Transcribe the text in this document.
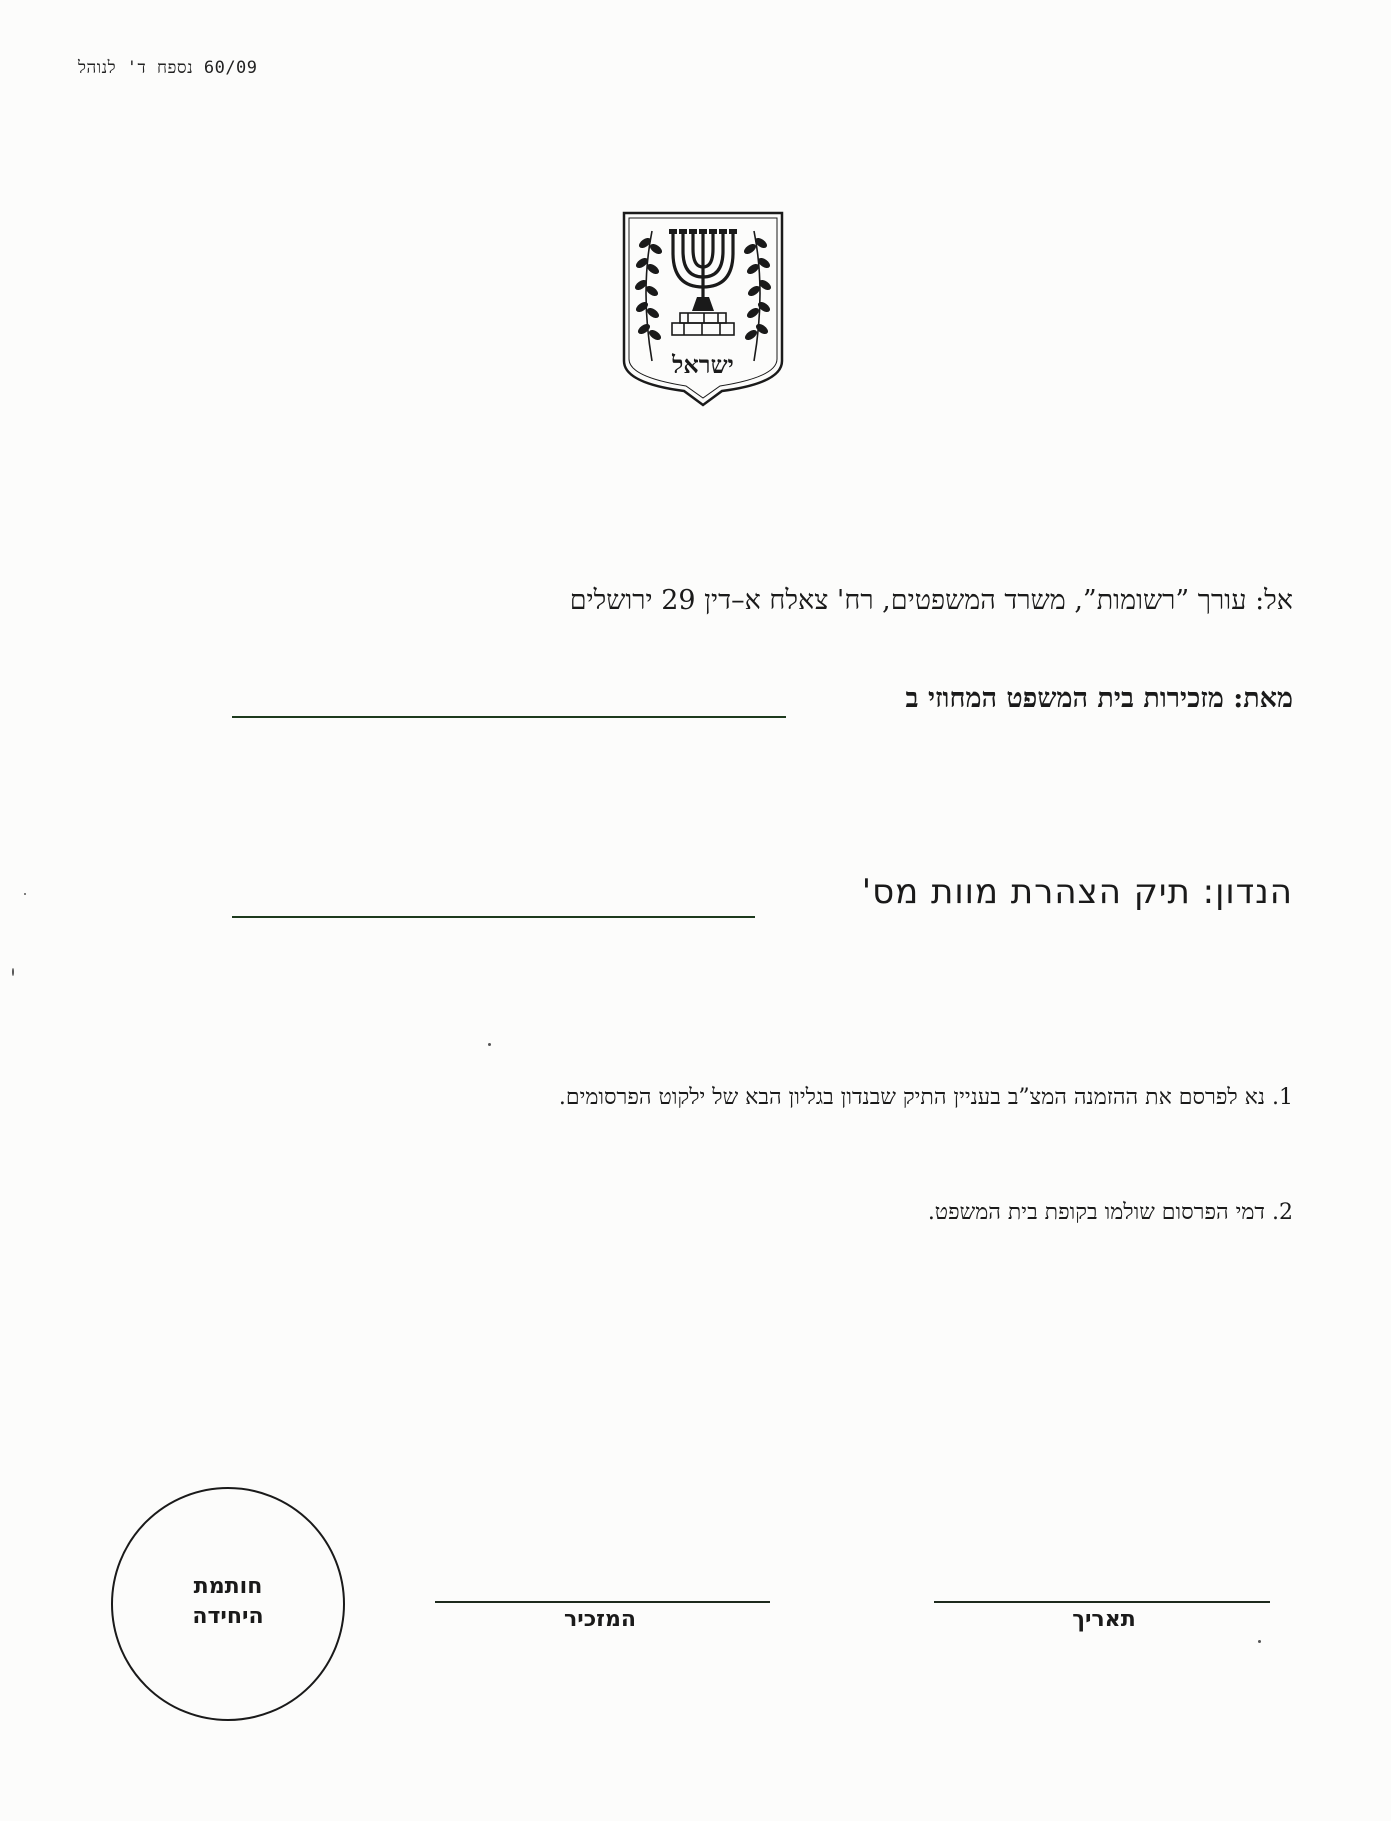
60/09 נספח ד' לנוהל
ישראל
אל: עורך ”רשומות”, משרד המשפטים, רח' צאלח א–דין 29 ירושלים
מאת: מזכירות בית המשפט המחוזי ב
הנדון: תיק הצהרת מוות מס'
1. נא לפרסם את ההזמנה המצ”ב בעניין התיק שבנדון בגליון הבא של ילקוט הפרסומים.
2. דמי הפרסום שולמו בקופת בית המשפט.
חותמת
היחידה	המזכיר	תאריך
